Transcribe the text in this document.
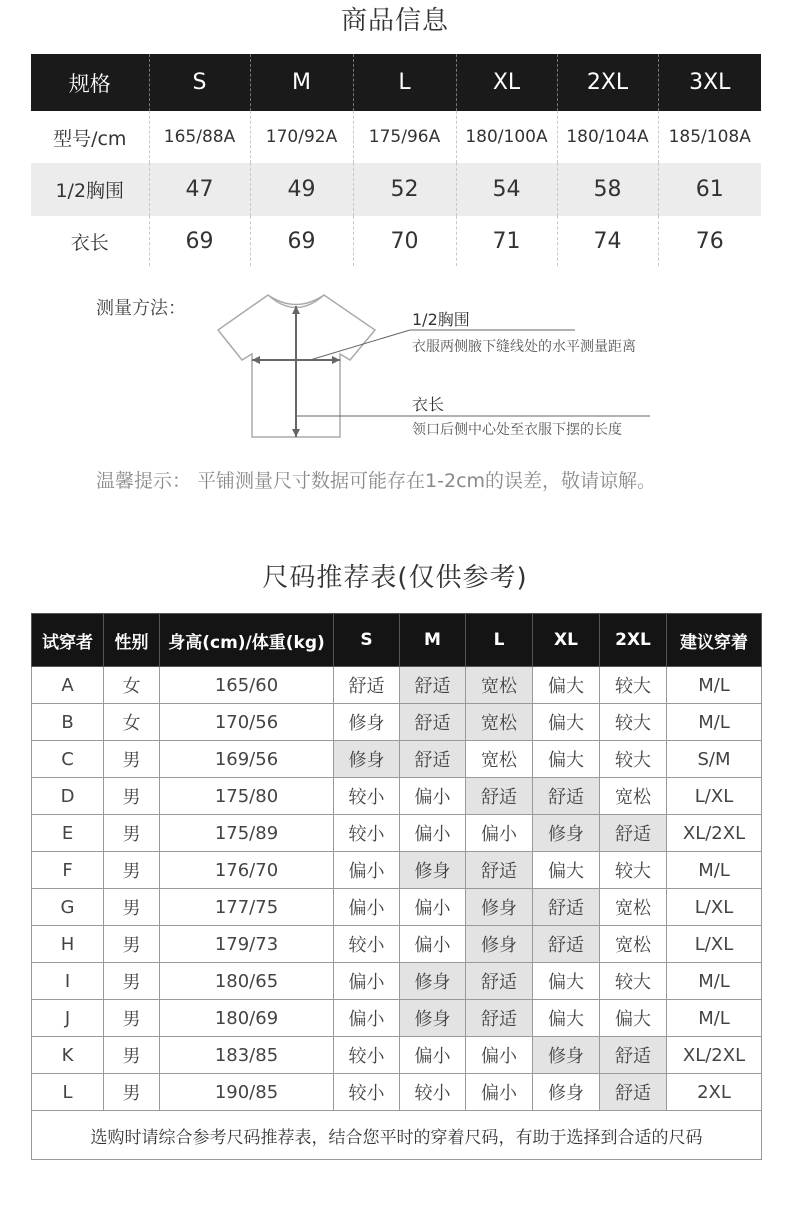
商品信息
规格	S	M	L	XL	2XL	3XL
型号/cm	165/88A	170/92A	175/96A	180/100A	180/104A	185/108A
1/2胸围	47	49	52	54	58	61
衣长	69	69	70	71	74	76
测量方法：
1/2胸围
衣服两侧腋下缝线处的水平测量距离
衣长
领口后侧中心处至衣服下摆的长度
温馨提示： 平铺测量尺寸数据可能存在1-2cm的误差，敬请谅解。
尺码推荐表(仅供参考)
试穿者	性别	身高(cm)/体重(kg)	S	M	L	XL	2XL	建议穿着
A	女	165/60	舒适	舒适	宽松	偏大	较大	M/L
B	女	170/56	修身	舒适	宽松	偏大	较大	M/L
C	男	169/56	修身	舒适	宽松	偏大	较大	S/M
D	男	175/80	较小	偏小	舒适	舒适	宽松	L/XL
E	男	175/89	较小	偏小	偏小	修身	舒适	XL/2XL
F	男	176/70	偏小	修身	舒适	偏大	较大	M/L
G	男	177/75	偏小	偏小	修身	舒适	宽松	L/XL
H	男	179/73	较小	偏小	修身	舒适	宽松	L/XL
I	男	180/65	偏小	修身	舒适	偏大	较大	M/L
J	男	180/69	偏小	修身	舒适	偏大	偏大	M/L
K	男	183/85	较小	偏小	偏小	修身	舒适	XL/2XL
L	男	190/85	较小	较小	偏小	修身	舒适	2XL
选购时请综合参考尺码推荐表，结合您平时的穿着尺码，有助于选择到合适的尺码								
